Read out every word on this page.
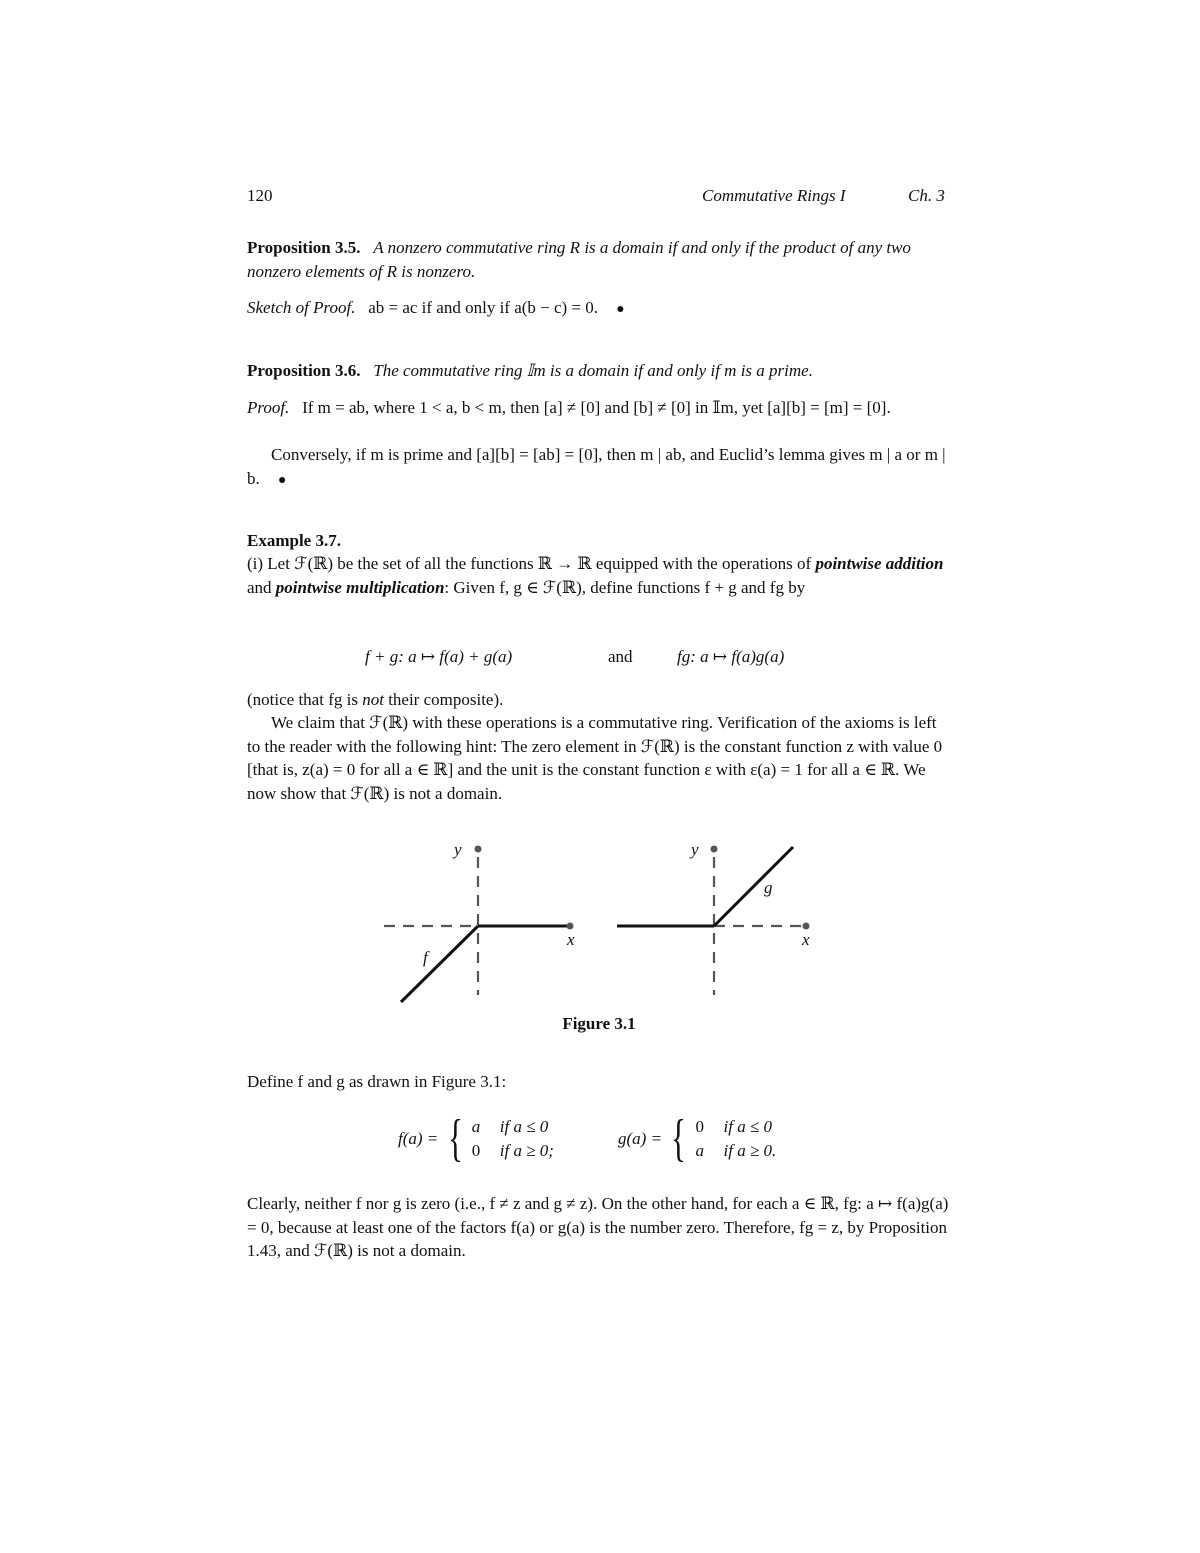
120	Commutative Rings I	Ch. 3
Proposition 3.5. A nonzero commutative ring R is a domain if and only if the product of any two nonzero elements of R is nonzero.
Sketch of Proof. ab = ac if and only if a(b − c) = 0. ●
Proposition 3.6. The commutative ring 𝕀m is a domain if and only if m is a prime.
Proof. If m = ab, where 1 < a, b < m, then [a] ≠ [0] and [b] ≠ [0] in 𝕀m, yet [a][b] = [m] = [0].
Conversely, if m is prime and [a][b] = [ab] = [0], then m | ab, and Euclid’s lemma gives m | a or m | b. ●
Example 3.7.
(i) Let ℱ(ℝ) be the set of all the functions ℝ → ℝ equipped with the operations of pointwise addition and pointwise multiplication: Given f, g ∈ ℱ(ℝ), define functions f + g and fg by
f + g: a ↦ f(a) + g(a)	and	fg: a ↦ f(a)g(a)
(notice that fg is not their composite).
We claim that ℱ(ℝ) with these operations is a commutative ring. Verification of the axioms is left to the reader with the following hint: The zero element in ℱ(ℝ) is the constant function z with value 0 [that is, z(a) = 0 for all a ∈ ℝ] and the unit is the constant function ε with ε(a) = 1 for all a ∈ ℝ. We now show that ℱ(ℝ) is not a domain.
y
x
f
y
x
g
Figure 3.1
Define f and g as drawn in Figure 3.1:
f(a) = { a if a ≤ 0
0 if a ≥ 0;
g(a) = { 0 if a ≤ 0
a if a ≥ 0.
Clearly, neither f nor g is zero (i.e., f ≠ z and g ≠ z). On the other hand, for each a ∈ ℝ, fg: a ↦ f(a)g(a) = 0, because at least one of the factors f(a) or g(a) is the number zero. Therefore, fg = z, by Proposition 1.43, and ℱ(ℝ) is not a domain.
